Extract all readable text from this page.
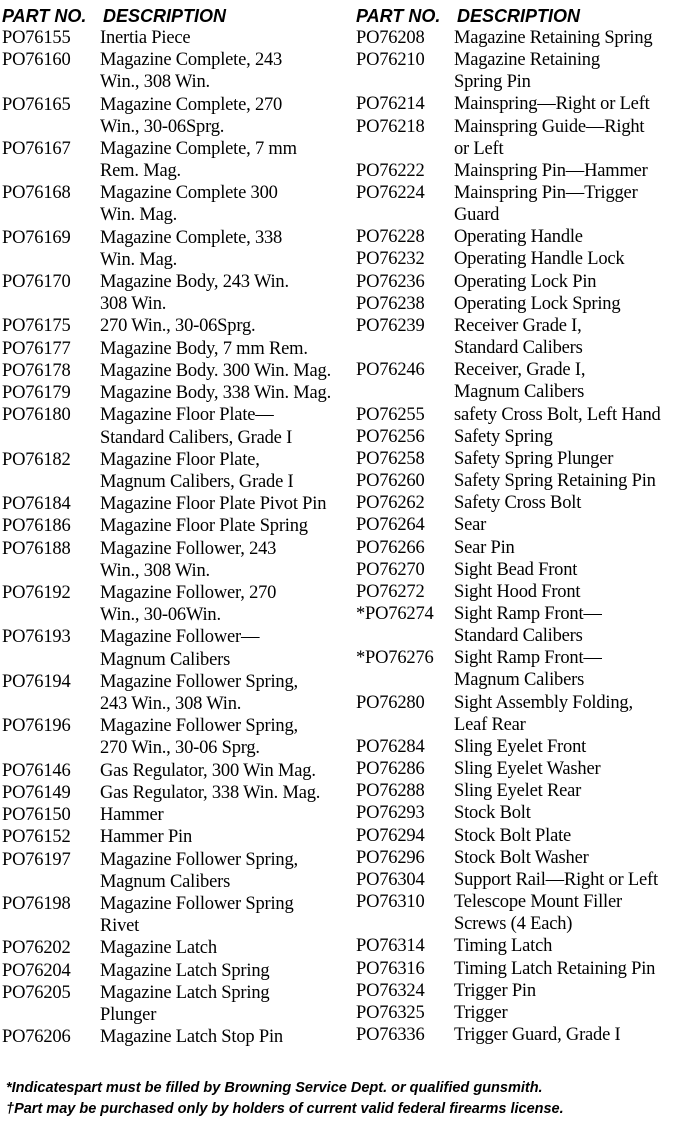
PART NO. DESCRIPTION
PO76155	Inertia Piece
PO76160	Magazine Complete, 243
Win., 308 Win.
PO76165	Magazine Complete, 270
Win., 30-06Sprg.
PO76167	Magazine Complete, 7 mm
Rem. Mag.
PO76168	Magazine Complete 300
Win. Mag.
PO76169	Magazine Complete, 338
Win. Mag.
PO76170	Magazine Body, 243 Win.
308 Win.
PO76175	270 Win., 30-06Sprg.
PO76177	Magazine Body, 7 mm Rem.
PO76178	Magazine Body. 300 Win. Mag.
PO76179	Magazine Body, 338 Win. Mag.
PO76180	Magazine Floor Plate—
Standard Calibers, Grade I
PO76182	Magazine Floor Plate,
Magnum Calibers, Grade I
PO76184	Magazine Floor Plate Pivot Pin
PO76186	Magazine Floor Plate Spring
PO76188	Magazine Follower, 243
Win., 308 Win.
PO76192	Magazine Follower, 270
Win., 30-06Win.
PO76193	Magazine Follower—
Magnum Calibers
PO76194	Magazine Follower Spring,
243 Win., 308 Win.
PO76196	Magazine Follower Spring,
270 Win., 30-06 Sprg.
PO76146	Gas Regulator, 300 Win Mag.
PO76149	Gas Regulator, 338 Win. Mag.
PO76150	Hammer
PO76152	Hammer Pin
PO76197	Magazine Follower Spring,
Magnum Calibers
PO76198	Magazine Follower Spring
Rivet
PO76202	Magazine Latch
PO76204	Magazine Latch Spring
PO76205	Magazine Latch Spring
Plunger
PO76206	Magazine Latch Stop Pin
PART NO. DESCRIPTION
PO76208	Magazine Retaining Spring
PO76210	Magazine Retaining
Spring Pin
PO76214	Mainspring—Right or Left
PO76218	Mainspring Guide—Right
or Left
PO76222	Mainspring Pin—Hammer
PO76224	Mainspring Pin—Trigger
Guard
PO76228	Operating Handle
PO76232	Operating Handle Lock
PO76236	Operating Lock Pin
PO76238	Operating Lock Spring
PO76239	Receiver Grade I,
Standard Calibers
PO76246	Receiver, Grade I,
Magnum Calibers
PO76255	safety Cross Bolt, Left Hand
PO76256	Safety Spring
PO76258	Safety Spring Plunger
PO76260	Safety Spring Retaining Pin
PO76262	Safety Cross Bolt
PO76264	Sear
PO76266	Sear Pin
PO76270	Sight Bead Front
PO76272	Sight Hood Front
*PO76274	Sight Ramp Front—
Standard Calibers
*PO76276	Sight Ramp Front—
Magnum Calibers
PO76280	Sight Assembly Folding,
Leaf Rear
PO76284	Sling Eyelet Front
PO76286	Sling Eyelet Washer
PO76288	Sling Eyelet Rear
PO76293	Stock Bolt
PO76294	Stock Bolt Plate
PO76296	Stock Bolt Washer
PO76304	Support Rail—Right or Left
PO76310	Telescope Mount Filler
Screws (4 Each)
PO76314	Timing Latch
PO76316	Timing Latch Retaining Pin
PO76324	Trigger Pin
PO76325	Trigger
PO76336	Trigger Guard, Grade I
*Indicatespart must be filled by Browning Service Dept. or qualified gunsmith.
†Part may be purchased only by holders of current valid federal firearms license.
